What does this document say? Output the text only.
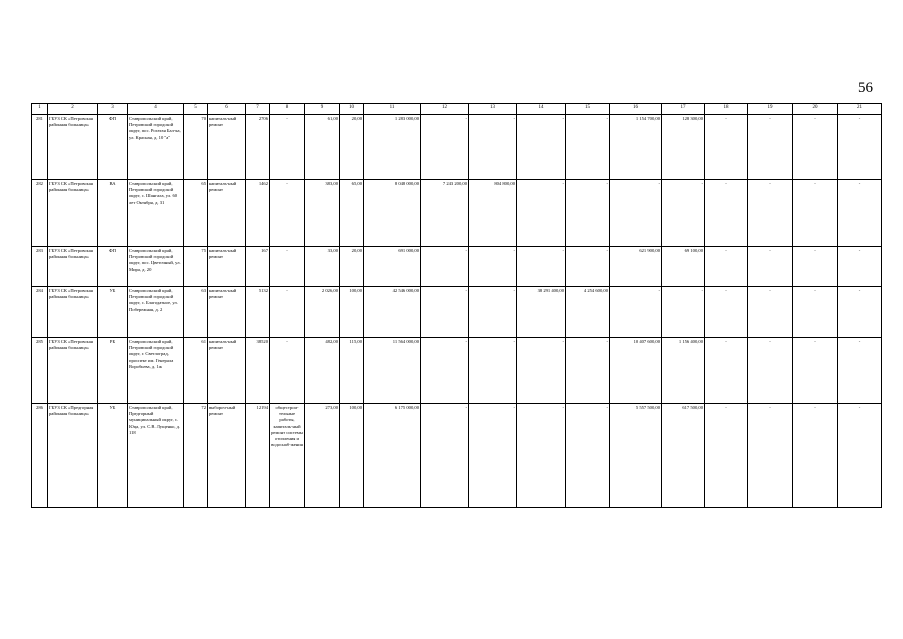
56
1	2	3	4	5	6	7	8	9	10	11	12	13	14	15	16	17	18	19	20	21
281	ГБУЗ СК «Петровская районная больница»	ФП	Ставропольский край, Петровский городской округ, пос. Рогатая Бал-ка, ул. Красная, д. 10 "а"	70	капиталь-ный ремонт	2706	-	61,00	20,00	1 283 000,00	-	-	-	-	1 154 700,00	128 300,00	-	-	-	-
282	ГБУЗ СК «Петровская районная больница»	ВА	Ставропольский край, Петровский городской округ, с. Шангала, ул. 60 лет Октября, д. 31	65	капиталь-ный ремонт	1462	-	383,00	65,00	8 048 000,00	7 243 200,00	804 800,00	-	-	-	-	-	-	-	-
283	ГБУЗ СК «Петровская районная больница»	ФП	Ставропольский край, Петровский городской округ, пос. Цветочный, ул. Мира, д. 20	75	капиталь-ный ремонт	167	-	33,00	20,00	691 000,00	-	-	-	-	621 900,00	69 100,00	-	-	-	-
284	ГБУЗ СК «Петровская районная больница»	УБ	Ставропольский край, Петровский городской округ, с. Благодатное, ул. Побережная, д. 2	63	капиталь-ный ремонт	5132	-	2 026,00	100,00	42 546 000,00	-	-	38 291 400,00	4 254 600,00	-	-	-	-	-	-
285	ГБУЗ СК «Петровская районная больница»	РБ	Ставропольский край, Петровский городской округ, г. Светлоград, проспект им. Генерала Воробьева, д. 1ж	61	капиталь-ный ремонт	38520	-	482,00	115,00	11 564 000,00	-	-	-	-	10 407 600,00	1 156 400,00	-	-	-	-
286	ГБУЗ СК «Предгорная районная больница»	УБ	Ставропольский край, Предгорный муниципальный округ, с. Юца, ул. С.В. Лущенко, д. 118	72	выбороч-ный ремонт	12194	общестрои-тельные работы, капиталь-ный ремонт системы отопления и водоснаб-жения	273,00	100,00	6 175 000,00	-	-	-	-	5 557 500,00	617 500,00	-	-	-	-
